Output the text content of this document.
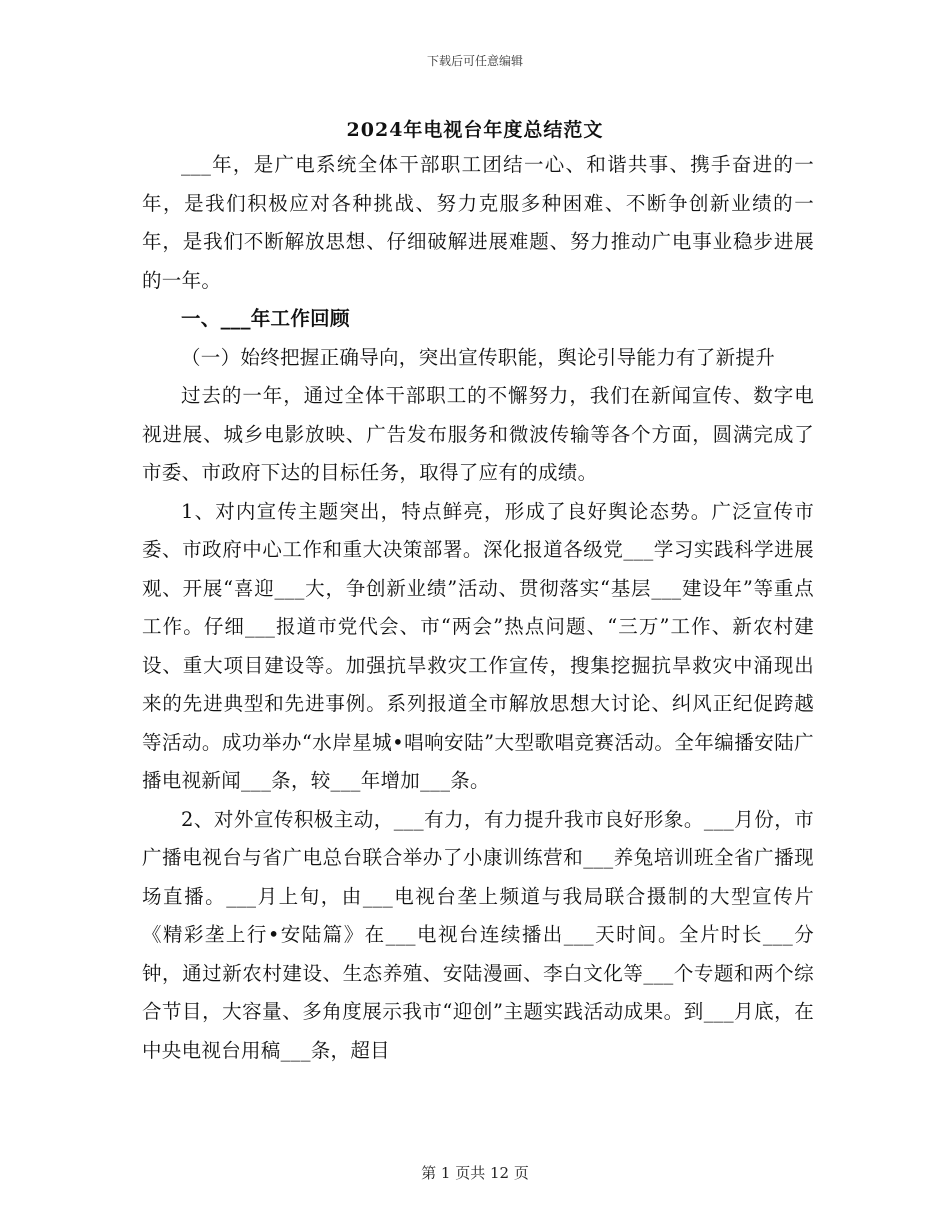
下载后可任意编辑
2024年电视台年度总结范文

___年，是广电系统全体干部职工团结一心、和谐共事、携手奋进的一年，是我们积极应对各种挑战、努力克服多种困难、不断争创新业绩的一年，是我们不断解放思想、仔细破解进展难题、努力推动广电事业稳步进展的一年。

一、___年工作回顾

（一）始终把握正确导向，突出宣传职能，舆论引导能力有了新提升

过去的一年，通过全体干部职工的不懈努力，我们在新闻宣传、数字电视进展、城乡电影放映、广告发布服务和微波传输等各个方面，圆满完成了市委、市政府下达的目标任务，取得了应有的成绩。

1、对内宣传主题突出，特点鲜亮，形成了良好舆论态势。广泛宣传市委、市政府中心工作和重大决策部署。深化报道各级党___学习实践科学进展观、开展“喜迎___大，争创新业绩”活动、贯彻落实“基层___建设年”等重点工作。仔细___报道市党代会、市“两会”热点问题、“三万”工作、新农村建设、重大项目建设等。加强抗旱救灾工作宣传，搜集挖掘抗旱救灾中涌现出来的先进典型和先进事例。系列报道全市解放思想大讨论、纠风正纪促跨越等活动。成功举办“水岸星城•唱响安陆”大型歌唱竞赛活动。全年编播安陆广播电视新闻___条，较___年增加___条。

2、对外宣传积极主动，___有力，有力提升我市良好形象。___月份，市广播电视台与省广电总台联合举办了小康训练营和___养兔培训班全省广播现场直播。___月上旬，由___电视台垄上频道与我局联合摄制的大型宣传片《精彩垄上行•安陆篇》在___电视台连续播出___天时间。全片时长___分钟，通过新农村建设、生态养殖、安陆漫画、李白文化等___个专题和两个综合节目，大容量、多角度展示我市“迎创”主题实践活动成果。到___月底，在中央电视台用稿___条，超目

第 1 页共 12 页
